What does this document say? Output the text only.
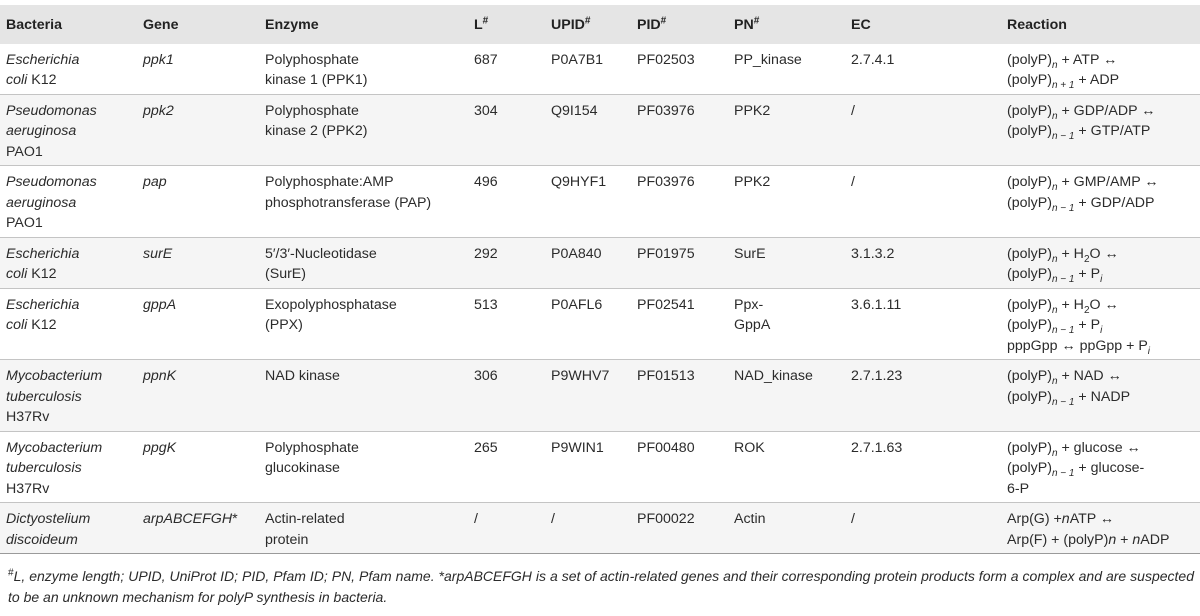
Bacteria	Gene	Enzyme	L#	UPID#	PID#	PN#	EC	Reaction
Escherichia
coli K12	ppk1	Polyphosphate
kinase 1 (PPK1)	687	P0A7B1	PF02503	PP_kinase	2.7.4.1	$(polyP)_n$ + ATP ↔
$(polyP)_{n + 1}$ + ADP

Pseudomonas
aeruginosa
PAO1	ppk2	Polyphosphate
kinase 2 (PPK2)	304	Q9I154	PF03976	PPK2	/	$(polyP)_n + GDP/ADP$ ↔
$(polyP)_{n - 1} + GTP/ATP$

Pseudomonas
aeruginosa
PAO1	pap	Polyphosphate:AMP
phosphotransferase (PAP)	496	Q9HYF1	PF03976	PPK2	/	$(polyP)_n + GMP/AMP$ ↔
$(polyP)_{n - 1} + GDP/ADP$

Escherichia
coli K12	surE	5′/3′-Nucleotidase
(SurE)	292	P0A840	PF01975	SurE	3.1.3.2	$(polyP)_n + H_2O$ ↔
$(polyP)_{n - 1} + P_i$

Escherichia
coli K12	gppA	Exopolyphosphatase
(PPX)	513	P0AFL6	PF02541	Ppx-
GppA	3.6.1.11	$(polyP)_n + H_2O$ ↔
$(polyP)_{n - 1} + P_i$
pppGpp ↔ ppGpp + $P_i$

Mycobacterium
tuberculosis
H37Rv	ppnK	NAD kinase	306	P9WHV7	PF01513	NAD_kinase	2.7.1.23	$(polyP)_n$ + NAD ↔
$(polyP)_{n - 1}$ + NADP

Mycobacterium
tuberculosis
H37Rv	ppgK	Polyphosphate
glucokinase	265	P9WIN1	PF00480	ROK	2.7.1.63	$(polyP)_n + glucose$ ↔
$(polyP)_{n - 1} + glucose-$
6-P

Dictyostelium
discoideum	arpABCEFGH*	Actin-related
protein	/	/	PF00022	Actin	/	Arp(G) +nATP ↔
Arp(F) + (polyP)n + nADP
#L, enzyme length; UPID, UniProt ID; PID, Pfam ID; PN, Pfam name. *arpABCEFGH is a set of actin-related genes and their corresponding protein products form a complex and are suspected to be an unknown mechanism for polyP synthesis in bacteria.
